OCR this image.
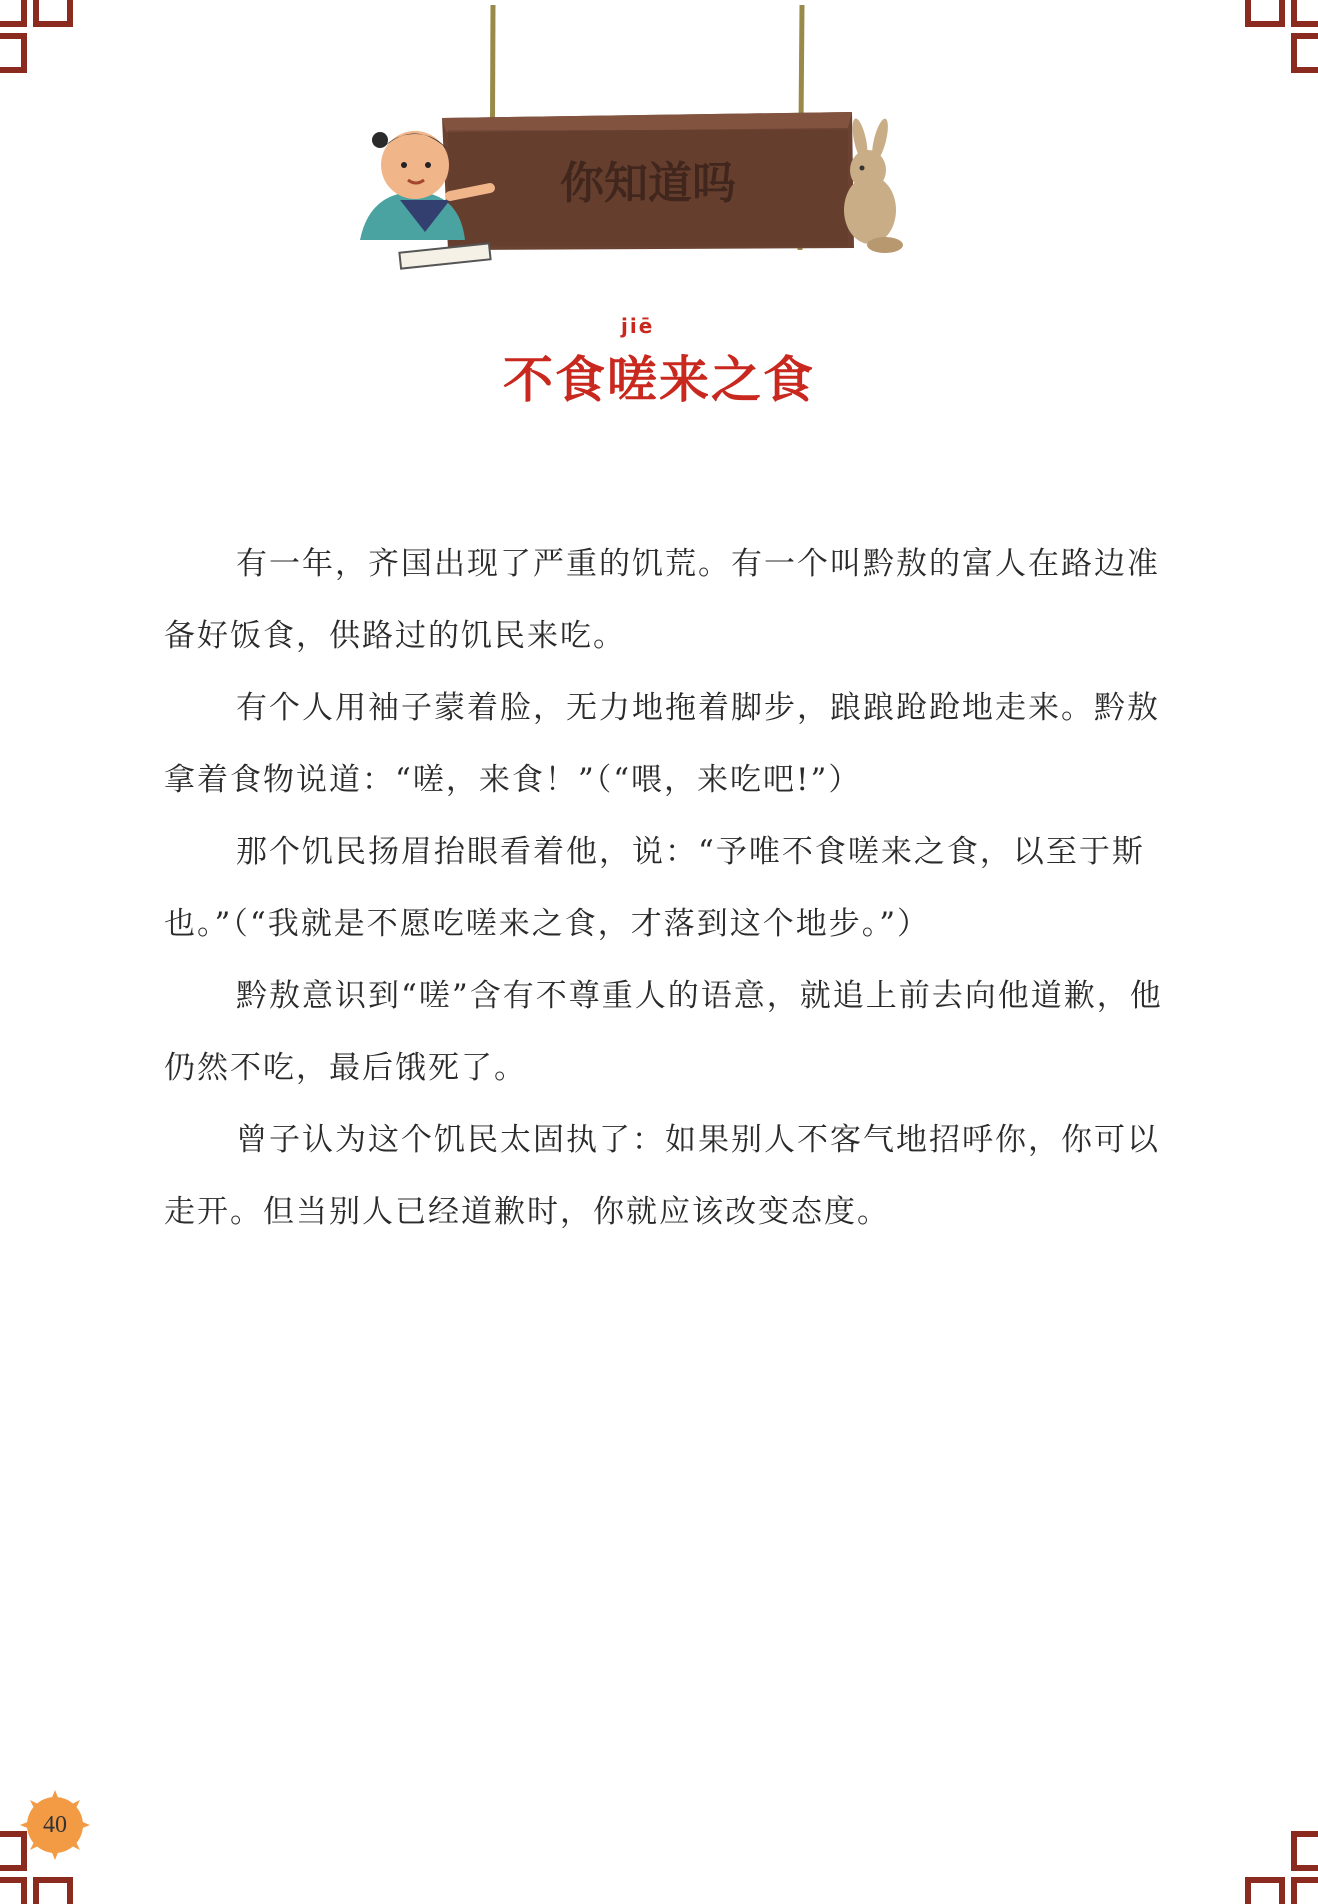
你知道吗
jiē
不食嗟来之食

有一年，齐国出现了严重的饥荒。有一个叫黔敖的富人在路边准备好饭食，供路过的饥民来吃。

有个人用袖子蒙着脸，无力地拖着脚步，踉踉跄跄地走来。黔敖拿着食物说道：“嗟，来食！”（“喂，来吃吧!”）

那个饥民扬眉抬眼看着他，说：“予唯不食嗟来之食，以至于斯也。”（“我就是不愿吃嗟来之食，才落到这个地步。”）

黔敖意识到“嗟”含有不尊重人的语意，就追上前去向他道歉，他仍然不吃，最后饿死了。

曾子认为这个饥民太固执了：如果别人不客气地招呼你，你可以走开。但当别人已经道歉时，你就应该改变态度。

40
